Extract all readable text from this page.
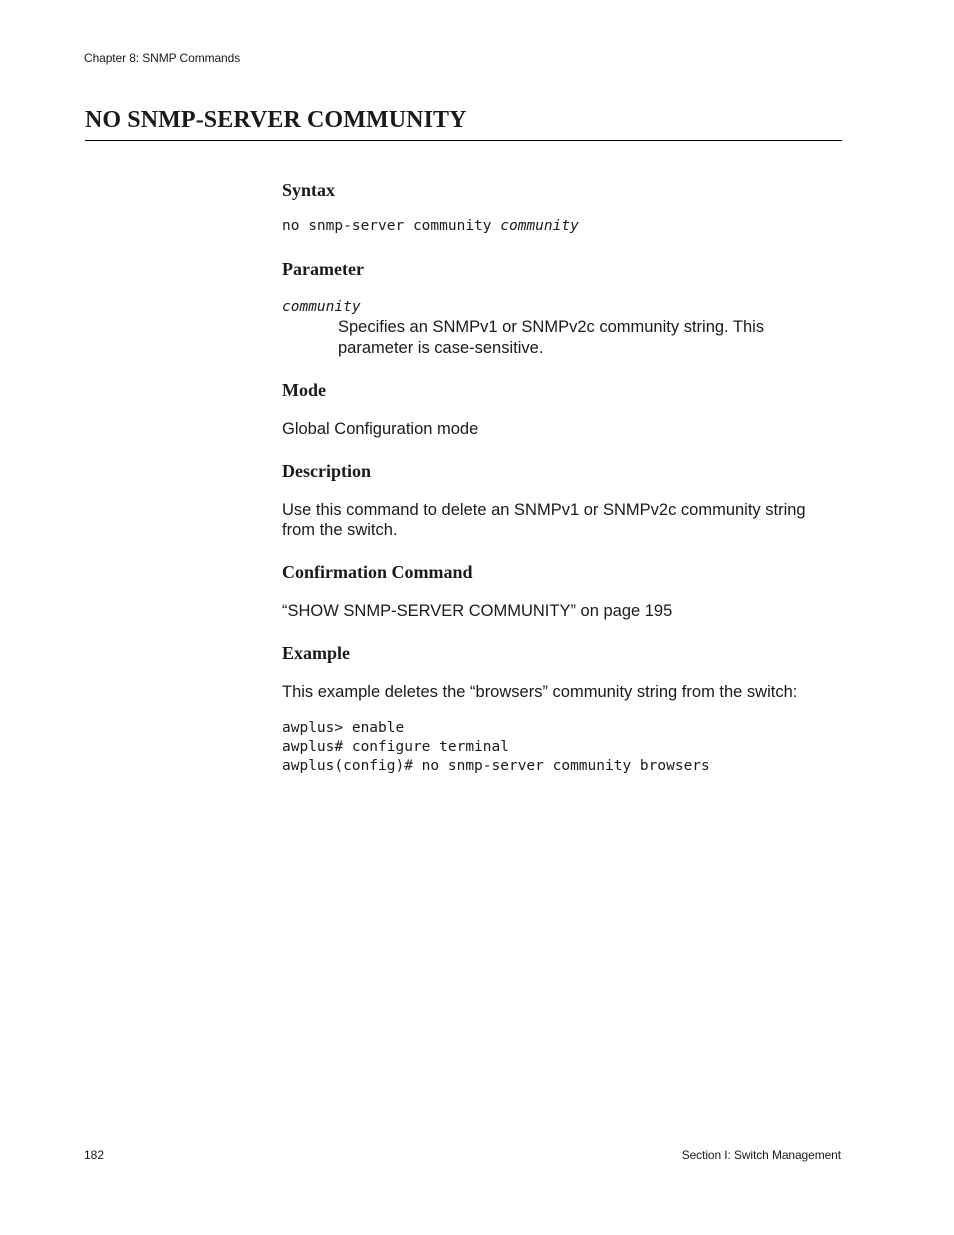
Chapter 8: SNMP Commands
NO SNMP-SERVER COMMUNITY
Syntax
no snmp-server community community
Parameter
community

Specifies an SNMPv1 or SNMPv2c community string. This

parameter is case-sensitive.

Mode

Global Configuration mode

Description

Use this command to delete an SNMPv1 or SNMPv2c community string

from the switch.

Confirmation Command

“SHOW SNMP-SERVER COMMUNITY” on page 195

Example

This example deletes the “browsers” community string from the switch:

awplus> enable
awplus# configure terminal
awplus(config)# no snmp-server community browsers
182	Section I: Switch Management
